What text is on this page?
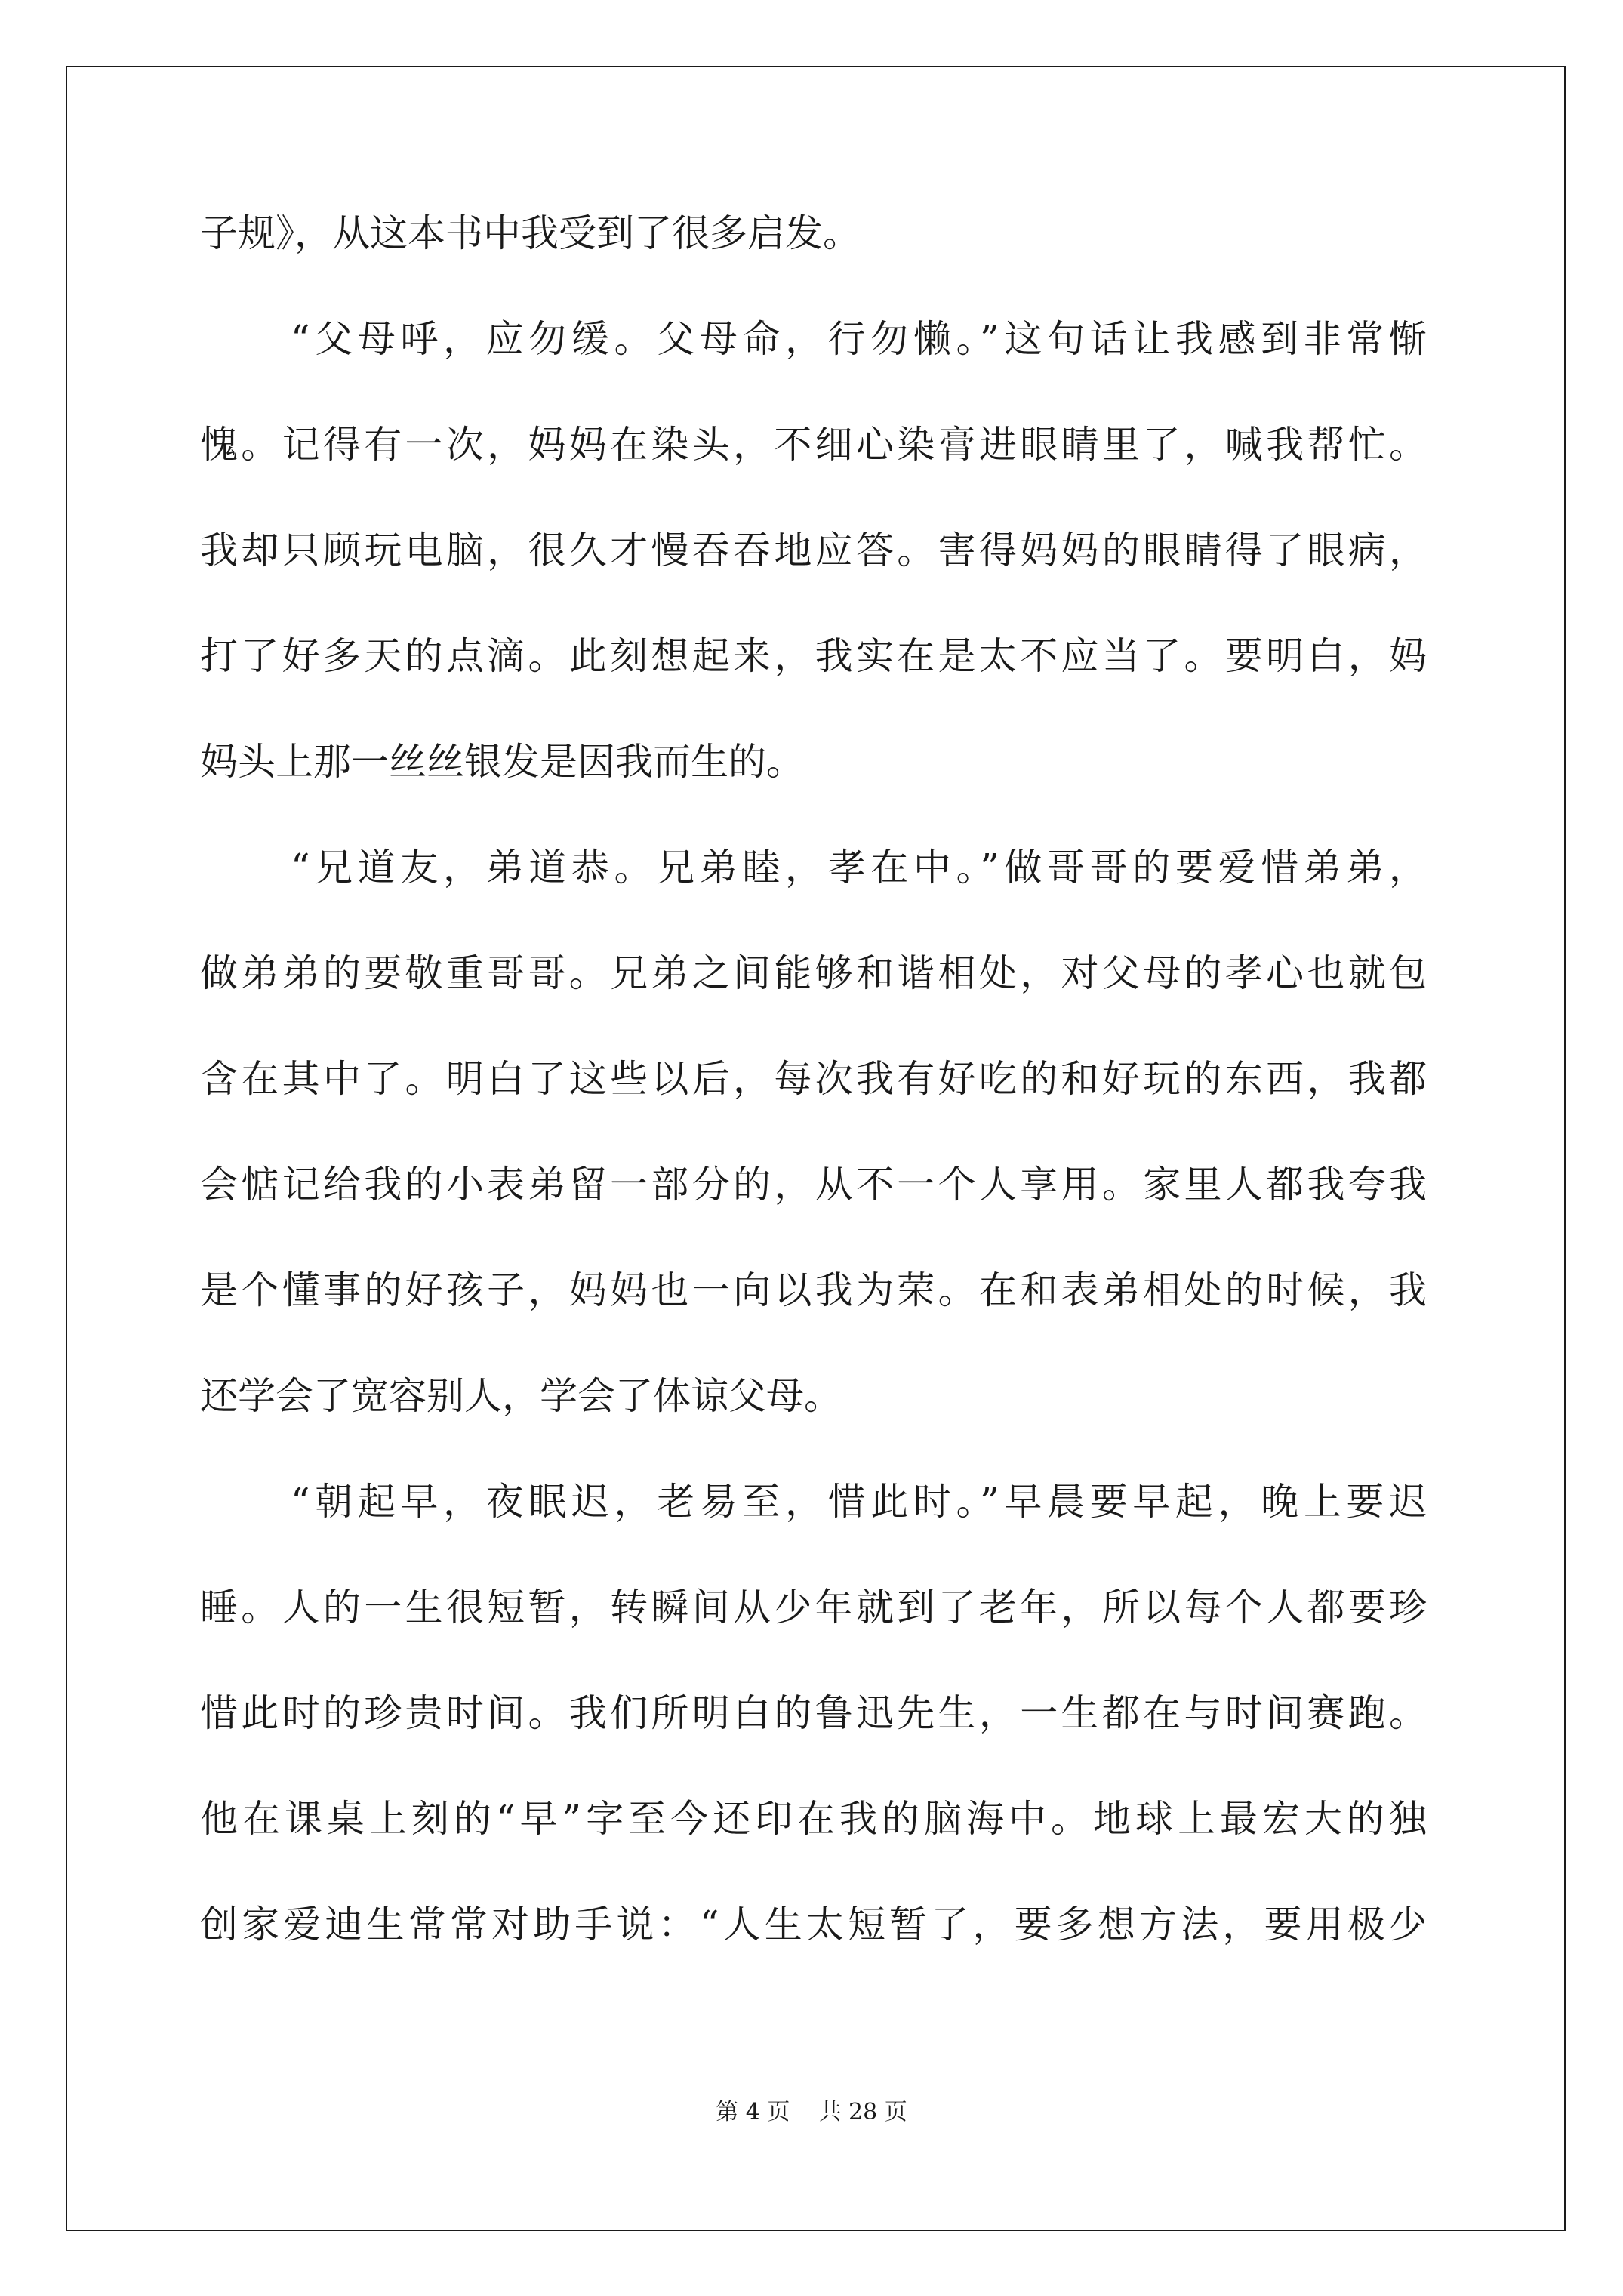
子规》，从这本书中我受到了很多启发。
“父母呼，应勿缓。父母命，行勿懒。”这句话让我感到非常惭
愧。记得有一次，妈妈在染头，不细心染膏进眼睛里了，喊我帮忙。
我却只顾玩电脑，很久才慢吞吞地应答。害得妈妈的眼睛得了眼病，
打了好多天的点滴。此刻想起来，我实在是太不应当了。要明白，妈
妈头上那一丝丝银发是因我而生的。
“兄道友，弟道恭。兄弟睦，孝在中。”做哥哥的要爱惜弟弟，
做弟弟的要敬重哥哥。兄弟之间能够和谐相处，对父母的孝心也就包
含在其中了。明白了这些以后，每次我有好吃的和好玩的东西，我都
会惦记给我的小表弟留一部分的，从不一个人享用。家里人都我夸我
是个懂事的好孩子，妈妈也一向以我为荣。在和表弟相处的时候，我
还学会了宽容别人，学会了体谅父母。
“朝起早，夜眠迟，老易至，惜此时。”早晨要早起，晚上要迟
睡。人的一生很短暂，转瞬间从少年就到了老年，所以每个人都要珍
惜此时的珍贵时间。我们所明白的鲁迅先生，一生都在与时间赛跑。
他在课桌上刻的“早”字至今还印在我的脑海中。地球上最宏大的独
创家爱迪生常常对助手说：“人生太短暂了，要多想方法，要用极少
第 4 页    共 28 页
